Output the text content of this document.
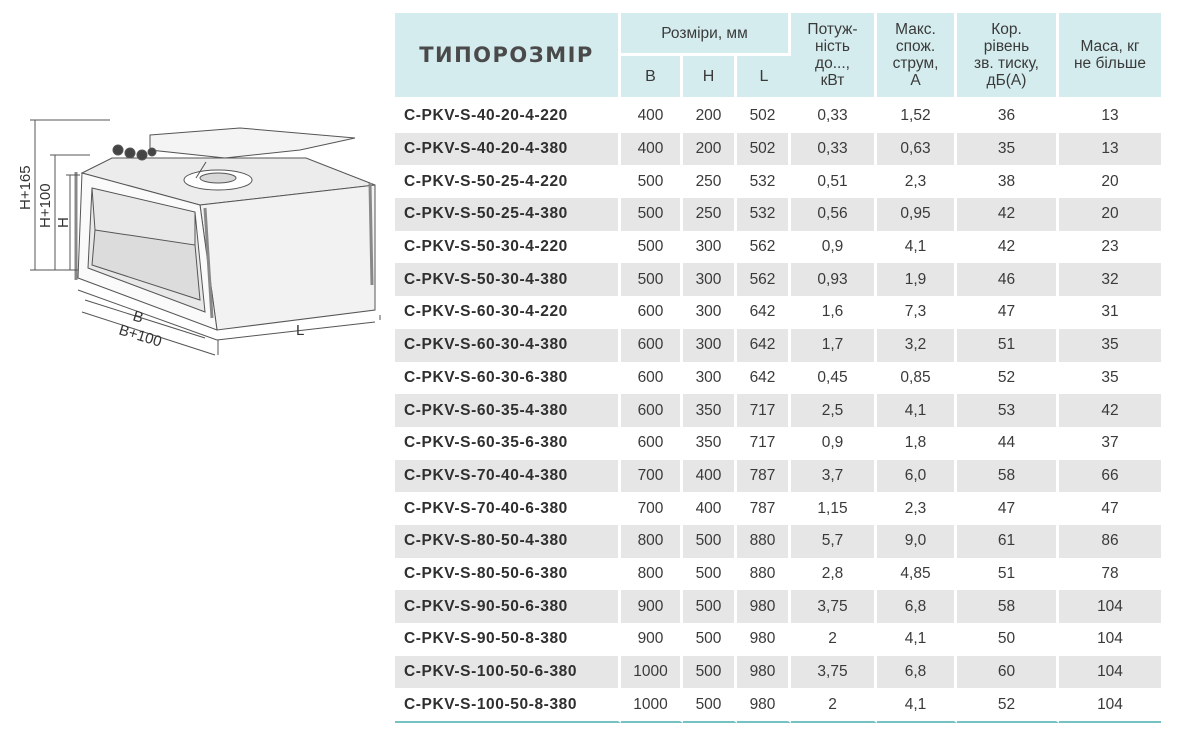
H+165 H+100 H
B
B+100	L
ТИПОРОЗМІР	Розміри, мм			Потуж-
ність
до...,
кВт	Макс.
спож.
струм,
А	Кор.
рівень
зв. тиску,
дБ(А)	Маса, кг
не більше
	B	H	L				
C-PKV-S-40-20-4-220	400	200	502	0,33	1,52	36	13
C-PKV-S-40-20-4-380	400	200	502	0,33	0,63	35	13
C-PKV-S-50-25-4-220	500	250	532	0,51	2,3	38	20
C-PKV-S-50-25-4-380	500	250	532	0,56	0,95	42	20
C-PKV-S-50-30-4-220	500	300	562	0,9	4,1	42	23
C-PKV-S-50-30-4-380	500	300	562	0,93	1,9	46	32
C-PKV-S-60-30-4-220	600	300	642	1,6	7,3	47	31
C-PKV-S-60-30-4-380	600	300	642	1,7	3,2	51	35
C-PKV-S-60-30-6-380	600	300	642	0,45	0,85	52	35
C-PKV-S-60-35-4-380	600	350	717	2,5	4,1	53	42
C-PKV-S-60-35-6-380	600	350	717	0,9	1,8	44	37
C-PKV-S-70-40-4-380	700	400	787	3,7	6,0	58	66
C-PKV-S-70-40-6-380	700	400	787	1,15	2,3	47	47
C-PKV-S-80-50-4-380	800	500	880	5,7	9,0	61	86
C-PKV-S-80-50-6-380	800	500	880	2,8	4,85	51	78
C-PKV-S-90-50-6-380	900	500	980	3,75	6,8	58	104
C-PKV-S-90-50-8-380	900	500	980	2	4,1	50	104
C-PKV-S-100-50-6-380	1000	500	980	3,75	6,8	60	104
C-PKV-S-100-50-8-380	1000	500	980	2	4,1	52	104
